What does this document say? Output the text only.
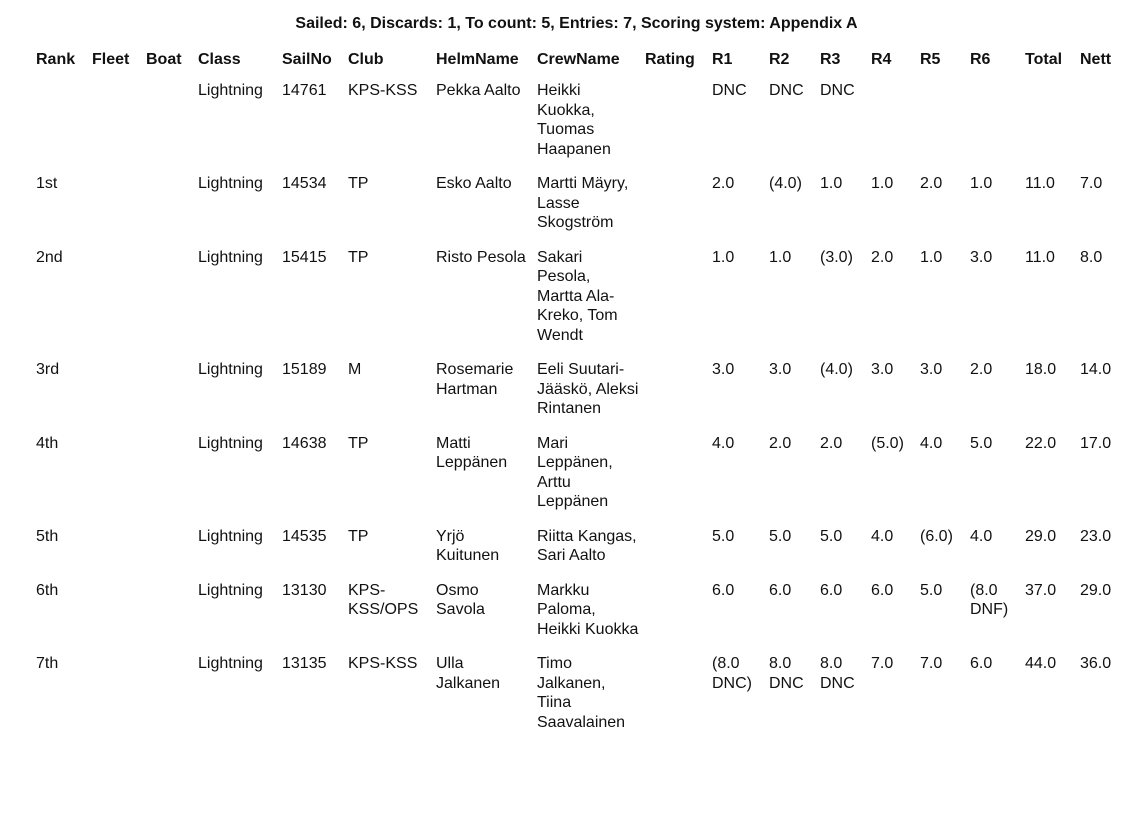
Sailed: 6, Discards: 1, To count: 5, Entries: 7, Scoring system: Appendix A
Rank	Fleet	Boat	Class	SailNo	Club	HelmName	CrewName	Rating	R1	R2	R3	R4	R5	R6	Total	Nett
			Lightning	14761	KPS-KSS	Pekka Aalto	Heikki Kuokka, Tuomas Haapanen		DNC	DNC	DNC					
1st			Lightning	14534	TP	Esko Aalto	Martti Mäyry, Lasse Skogström		2.0	(4.0)	1.0	1.0	2.0	1.0	11.0	7.0
2nd			Lightning	15415	TP	Risto Pesola	Sakari Pesola, Martta Ala-Kreko, Tom Wendt		1.0	1.0	(3.0)	2.0	1.0	3.0	11.0	8.0
3rd			Lightning	15189	M	Rosemarie Hartman	Eeli Suutari-Jääskö, Aleksi Rintanen		3.0	3.0	(4.0)	3.0	3.0	2.0	18.0	14.0
4th			Lightning	14638	TP	Matti Leppänen	Mari Leppänen, Arttu Leppänen		4.0	2.0	2.0	(5.0)	4.0	5.0	22.0	17.0
5th			Lightning	14535	TP	Yrjö Kuitunen	Riitta Kangas, Sari Aalto		5.0	5.0	5.0	4.0	(6.0)	4.0	29.0	23.0
6th			Lightning	13130	KPS-KSS/OPS	Osmo Savola	Markku Paloma, Heikki Kuokka		6.0	6.0	6.0	6.0	5.0	(8.0 DNF)	37.0	29.0
7th			Lightning	13135	KPS-KSS	Ulla Jalkanen	Timo Jalkanen, Tiina Saavalainen		(8.0 DNC)	8.0 DNC	8.0 DNC	7.0	7.0	6.0	44.0	36.0
